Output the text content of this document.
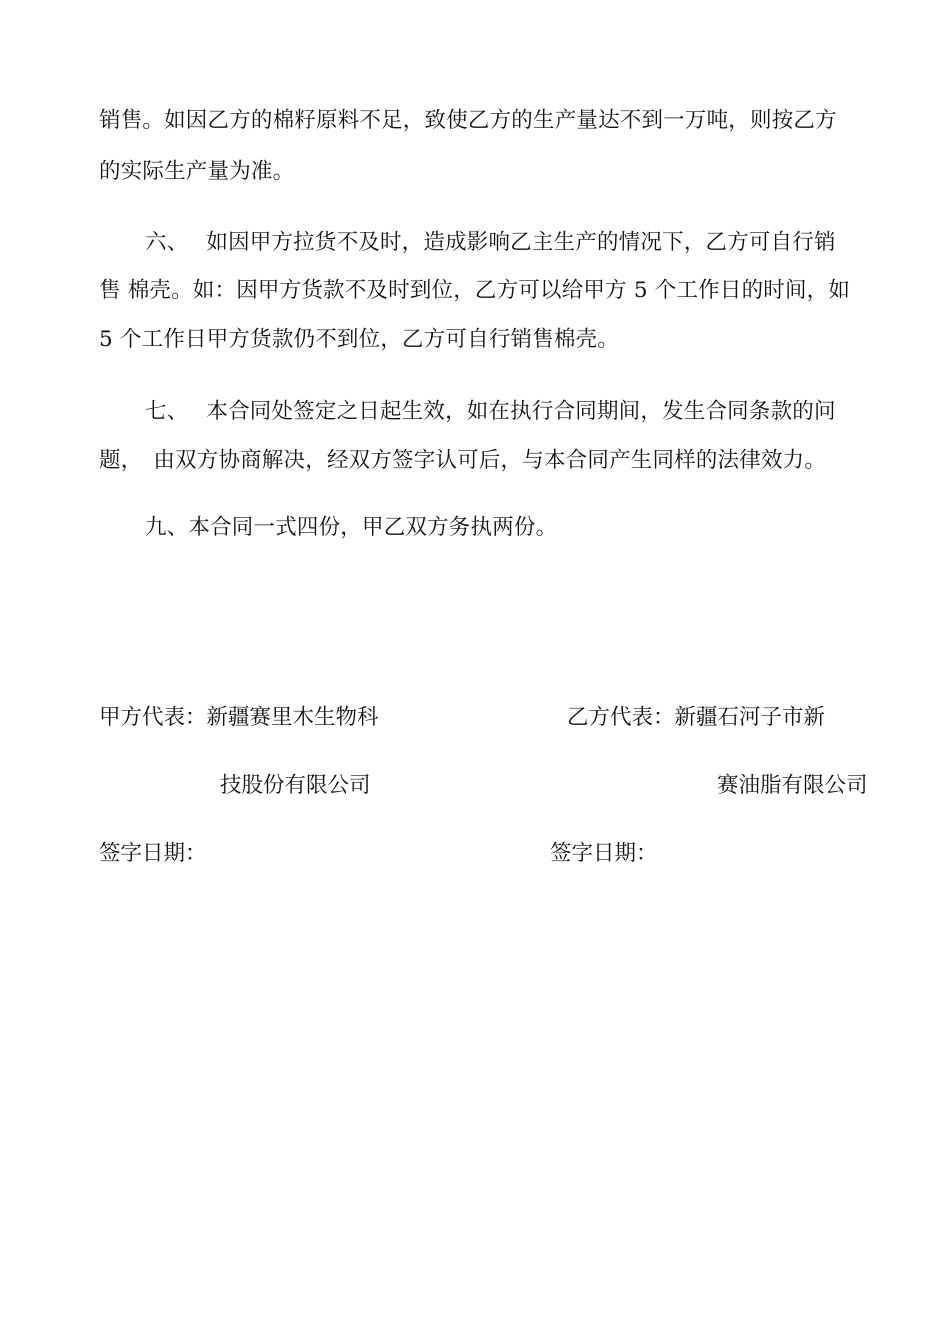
销售。如因乙方的棉籽原料不足，致使乙方的生产量达不到一万吨，则按乙方
的实际生产量为准。
六、　 如因甲方拉货不及时，造成影响乙主生产的情况下，乙方可自行销
售 棉壳。如：因甲方货款不及时到位，乙方可以给甲方 5 个工作日的时间，如
5 个工作日甲方货款仍不到位，乙方可自行销售棉壳。
七、　 本合同处签定之日起生效，如在执行合同期间，发生合同条款的问
题，　由双方协商解决，经双方签字认可后，与本合同产生同样的法律效力。
九、本合同一式四份，甲乙双方务执两份。
甲方代表：新疆赛里木生物科
技股份有限公司
签字日期：
乙方代表：新疆石河子市新
赛油脂有限公司
签字日期：
